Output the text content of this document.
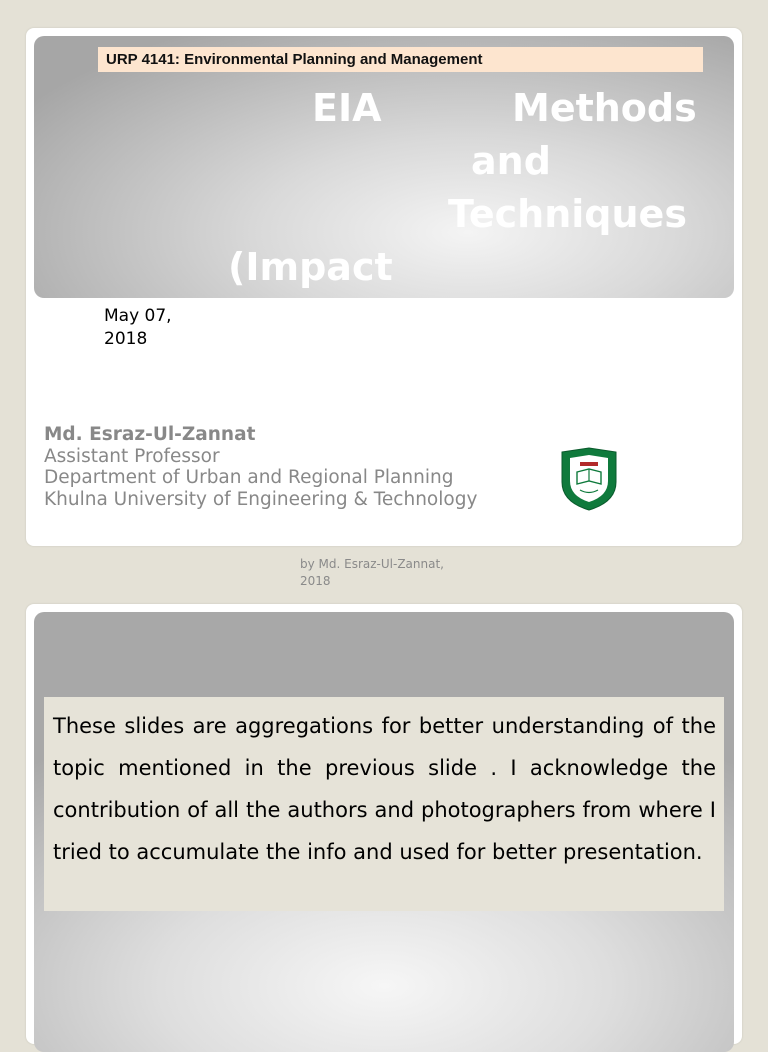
URP 4141: Environmental Planning and Management
EIA	Methods
and
Techniques
(Impact
May 07,
2018
Md. Esraz-Ul-Zannat
Assistant Professor
Department of Urban and Regional Planning
Khulna University of Engineering & Technology
by Md. Esraz-Ul-Zannat, 2018
These slides are aggregations for better understanding of the topic mentioned in the previous slide . I acknowledge the contribution of all the authors and photographers from where I tried to accumulate the info and used for better presentation.
